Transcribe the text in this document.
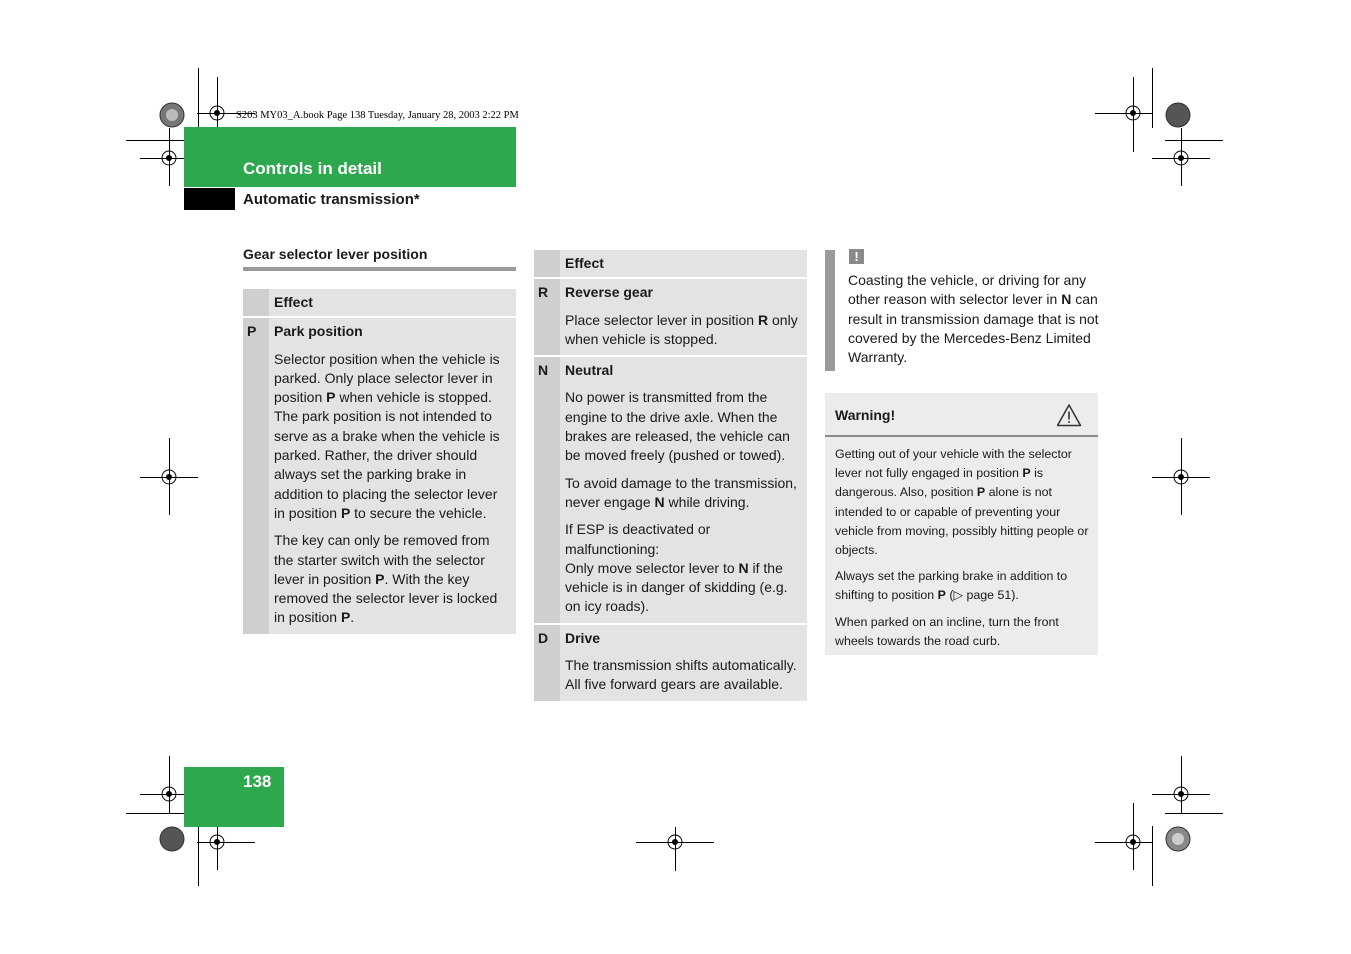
S203 MY03_A.book Page 138 Tuesday, January 28, 2003 2:22 PM
Controls in detail
Automatic transmission*
Gear selector lever position
Effect
P	Park position

Selector position when the vehicle is parked. Only place selector lever in position P when vehicle is stopped. The park position is not intended to serve as a brake when the vehicle is parked. Rather, the driver should always set the parking brake in addition to placing the selector lever in position P to secure the vehicle.

The key can only be removed from the starter switch with the selector lever in position P. With the key removed the selector lever is locked in position P.

Effect
R	Reverse gear

Place selector lever in position R only when vehicle is stopped.

N	Neutral

No power is transmitted from the engine to the drive axle. When the brakes are released, the vehicle can be moved freely (pushed or towed).

To avoid damage to the transmission, never engage N while driving.

If ESP is deactivated or malfunctioning:
Only move selector lever to N if the vehicle is in danger of skidding (e.g. on icy roads).

D	Drive

The transmission shifts automatically. All five forward gears are available.

!
Coasting the vehicle, or driving for any other reason with selector lever in N can result in transmission damage that is not covered by the Mercedes-Benz Limited Warranty.
Warning!

Getting out of your vehicle with the selector lever not fully engaged in position P is dangerous. Also, position P alone is not intended to or capable of preventing your vehicle from moving, possibly hitting people or objects.

Always set the parking brake in addition to shifting to position P (▷ page 51).

When parked on an incline, turn the front wheels towards the road curb.

138
